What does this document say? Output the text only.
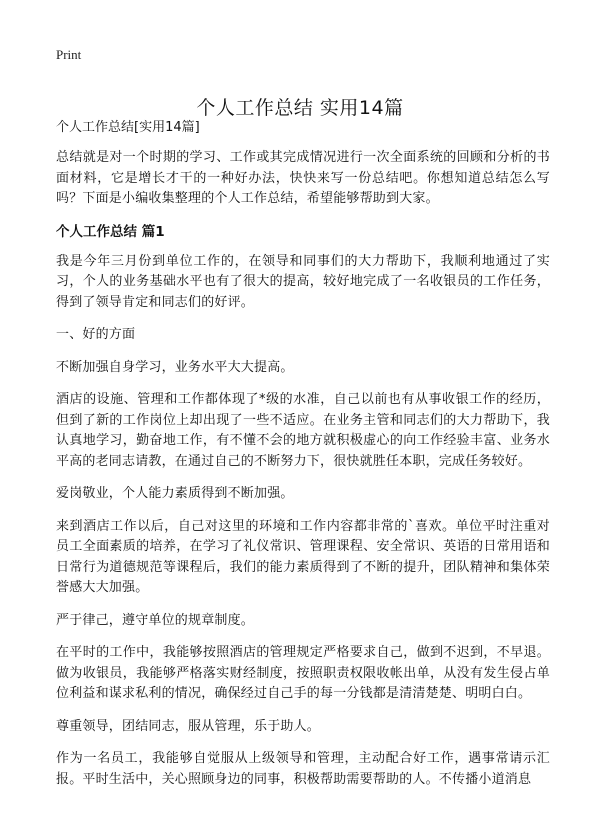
Print
个人工作总结 实用14篇
个人工作总结[实用14篇]

总结就是对一个时期的学习、工作或其完成情况进行一次全面系统的回顾和分析的书面材料，它是增长才干的一种好办法，快快来写一份总结吧。你想知道总结怎么写吗？下面是小编收集整理的个人工作总结，希望能够帮助到大家。

个人工作总结 篇1

我是今年三月份到单位工作的，在领导和同事们的大力帮助下，我顺利地通过了实习，个人的业务基础水平也有了很大的提高，较好地完成了一名收银员的工作任务，得到了领导肯定和同志们的好评。

一、好的方面

不断加强自身学习，业务水平大大提高。

酒店的设施、管理和工作都体现了*级的水准，自己以前也有从事收银工作的经历，但到了新的工作岗位上却出现了一些不适应。在业务主管和同志们的大力帮助下，我认真地学习，勤奋地工作，有不懂不会的地方就积极虚心的向工作经验丰富、业务水平高的老同志请教，在通过自己的不断努力下，很快就胜任本职，完成任务较好。

爱岗敬业，个人能力素质得到不断加强。

来到酒店工作以后，自己对这里的环境和工作内容都非常的`喜欢。单位平时注重对员工全面素质的培养，在学习了礼仪常识、管理课程、安全常识、英语的日常用语和日常行为道德规范等课程后，我们的能力素质得到了不断的提升，团队精神和集体荣誉感大大加强。

严于律己，遵守单位的规章制度。

在平时的工作中，我能够按照酒店的管理规定严格要求自己，做到不迟到，不早退。做为收银员，我能够严格落实财经制度，按照职责权限收帐出单，从没有发生侵占单位利益和谋求私利的情况，确保经过自己手的每一分钱都是清清楚楚、明明白白。

尊重领导，团结同志，服从管理，乐于助人。

作为一名员工，我能够自觉服从上级领导和管理，主动配合好工作，遇事常请示汇报。平时生活中，关心照顾身边的同事，积极帮助需要帮助的人。不传播小道消息
